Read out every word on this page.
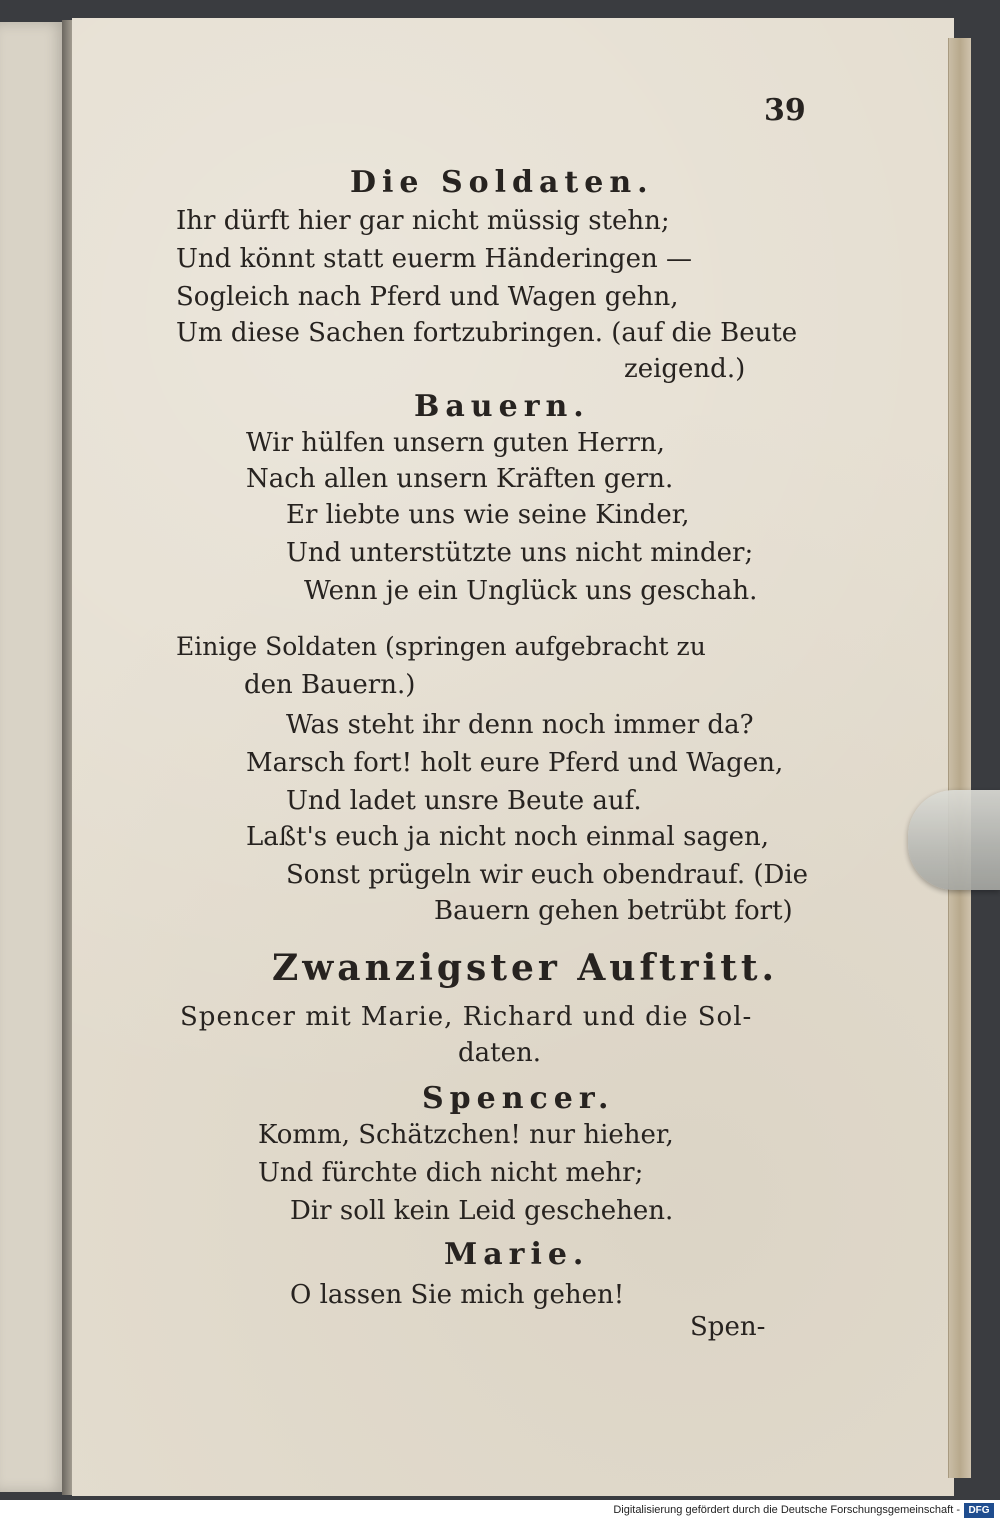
39
Die Soldaten.
Ihr dürft hier gar nicht müssig stehn;
Und könnt statt euerm Händeringen —
Sogleich nach Pferd und Wagen gehn,
Um diese Sachen fortzubringen. (auf die Beute
zeigend.)
Bauern.
Wir hülfen unsern guten Herrn,
Nach allen unsern Kräften gern.
Er liebte uns wie seine Kinder,
Und unterstützte uns nicht minder;
Wenn je ein Unglück uns geschah.
Einige Soldaten (springen aufgebracht zu
den Bauern.)
Was steht ihr denn noch immer da?
Marsch fort! holt eure Pferd und Wagen,
Und ladet unsre Beute auf.
Laßt's euch ja nicht noch einmal sagen,
Sonst prügeln wir euch obendrauf. (Die
Bauern gehen betrübt fort)
Zwanzigster Auftritt.
Spencer mit Marie, Richard und die Sol-
daten.
Spencer.
Komm, Schätzchen! nur hieher,
Und fürchte dich nicht mehr;
Dir soll kein Leid geschehen.
Marie.
O lassen Sie mich gehen!
Spen-
Digitalisierung gefördert durch die Deutsche Forschungsgemeinschaft - DFG
